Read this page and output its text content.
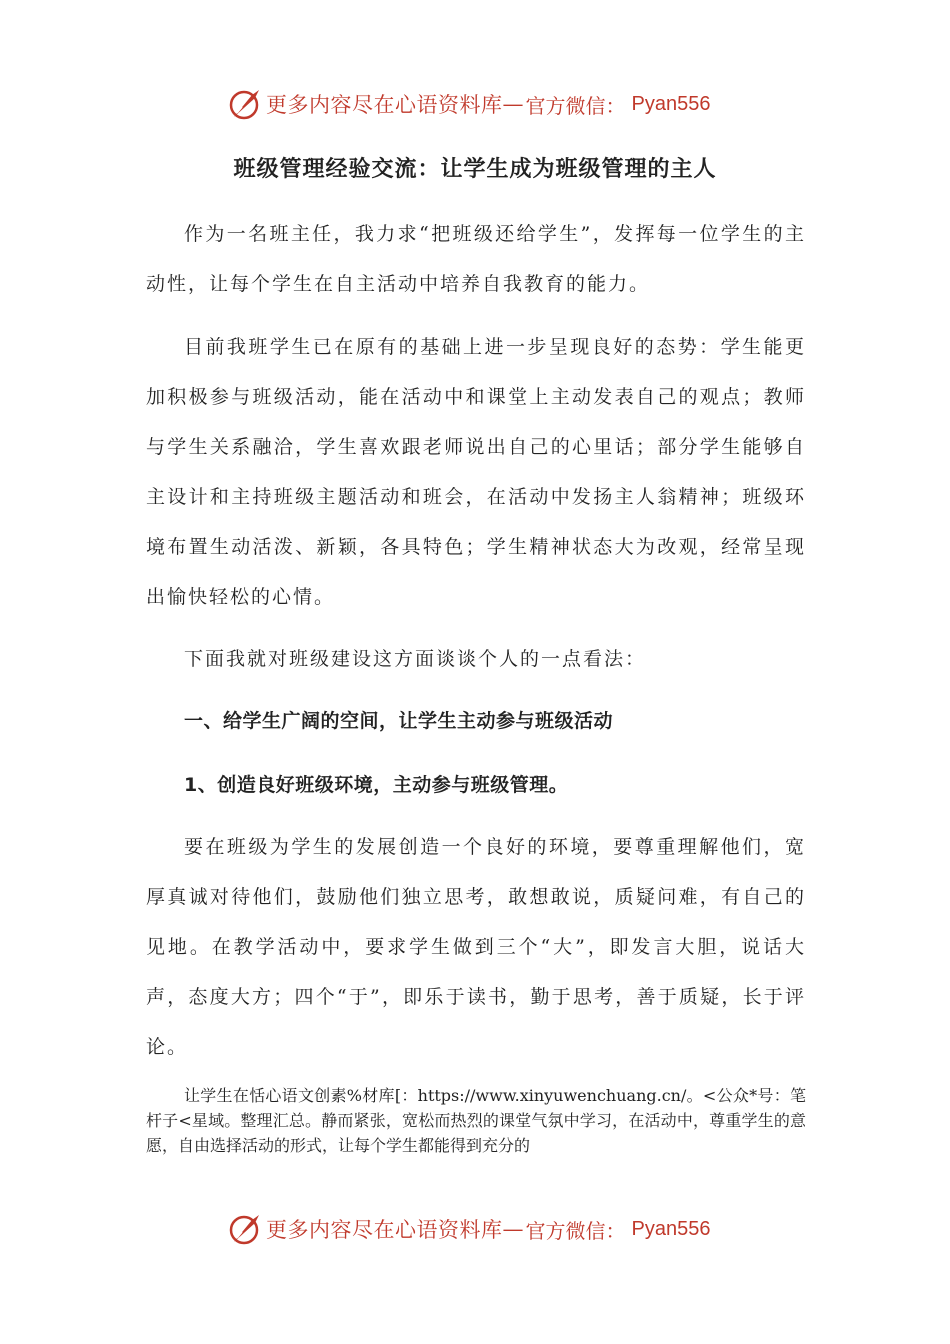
更多内容尽在心语资料库 — 官方微信： Pyan556
班级管理经验交流：让学生成为班级管理的主人

作为一名班主任，我力求“把班级还给学生”，发挥每一位学生的主动性，让每个学生在自主活动中培养自我教育的能力。

目前我班学生已在原有的基础上进一步呈现良好的态势：学生能更加积极参与班级活动，能在活动中和课堂上主动发表自己的观点；教师与学生关系融洽，学生喜欢跟老师说出自己的心里话；部分学生能够自主设计和主持班级主题活动和班会，在活动中发扬主人翁精神；班级环境布置生动活泼、新颖，各具特色；学生精神状态大为改观，经常呈现出愉快轻松的心情。

下面我就对班级建设这方面谈谈个人的一点看法：

一、给学生广阔的空间，让学生主动参与班级活动

1、创造良好班级环境，主动参与班级管理。

要在班级为学生的发展创造一个良好的环境，要尊重理解他们，宽厚真诚对待他们，鼓励他们独立思考，敢想敢说，质疑问难，有自己的见地。在教学活动中，要求学生做到三个“大”，即发言大胆，说话大声，态度大方；四个“于”，即乐于读书，勤于思考，善于质疑，长于评论。

让学生在恬心语文创素%材库[：https://www.xinyuwenchuang.cn/。<公众*号：笔杆子<星域。整理汇总。静而紧张，宽松而热烈的课堂气氛中学习，在活动中，尊重学生的意愿，自由选择活动的形式，让每个学生都能得到充分的

更多内容尽在心语资料库 — 官方微信： Pyan556
